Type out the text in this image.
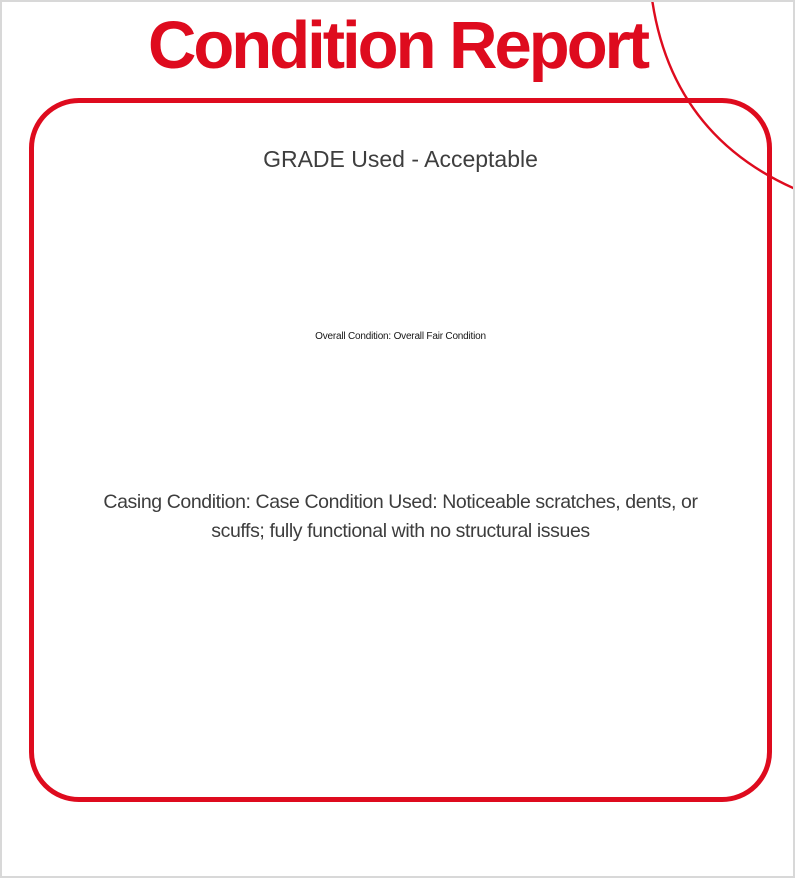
Condition Report
GRADE Used - Acceptable
Overall Condition: Overall Fair Condition
Casing Condition: Case Condition Used: Noticeable scratches, dents, or
scuffs; fully functional with no structural issues
